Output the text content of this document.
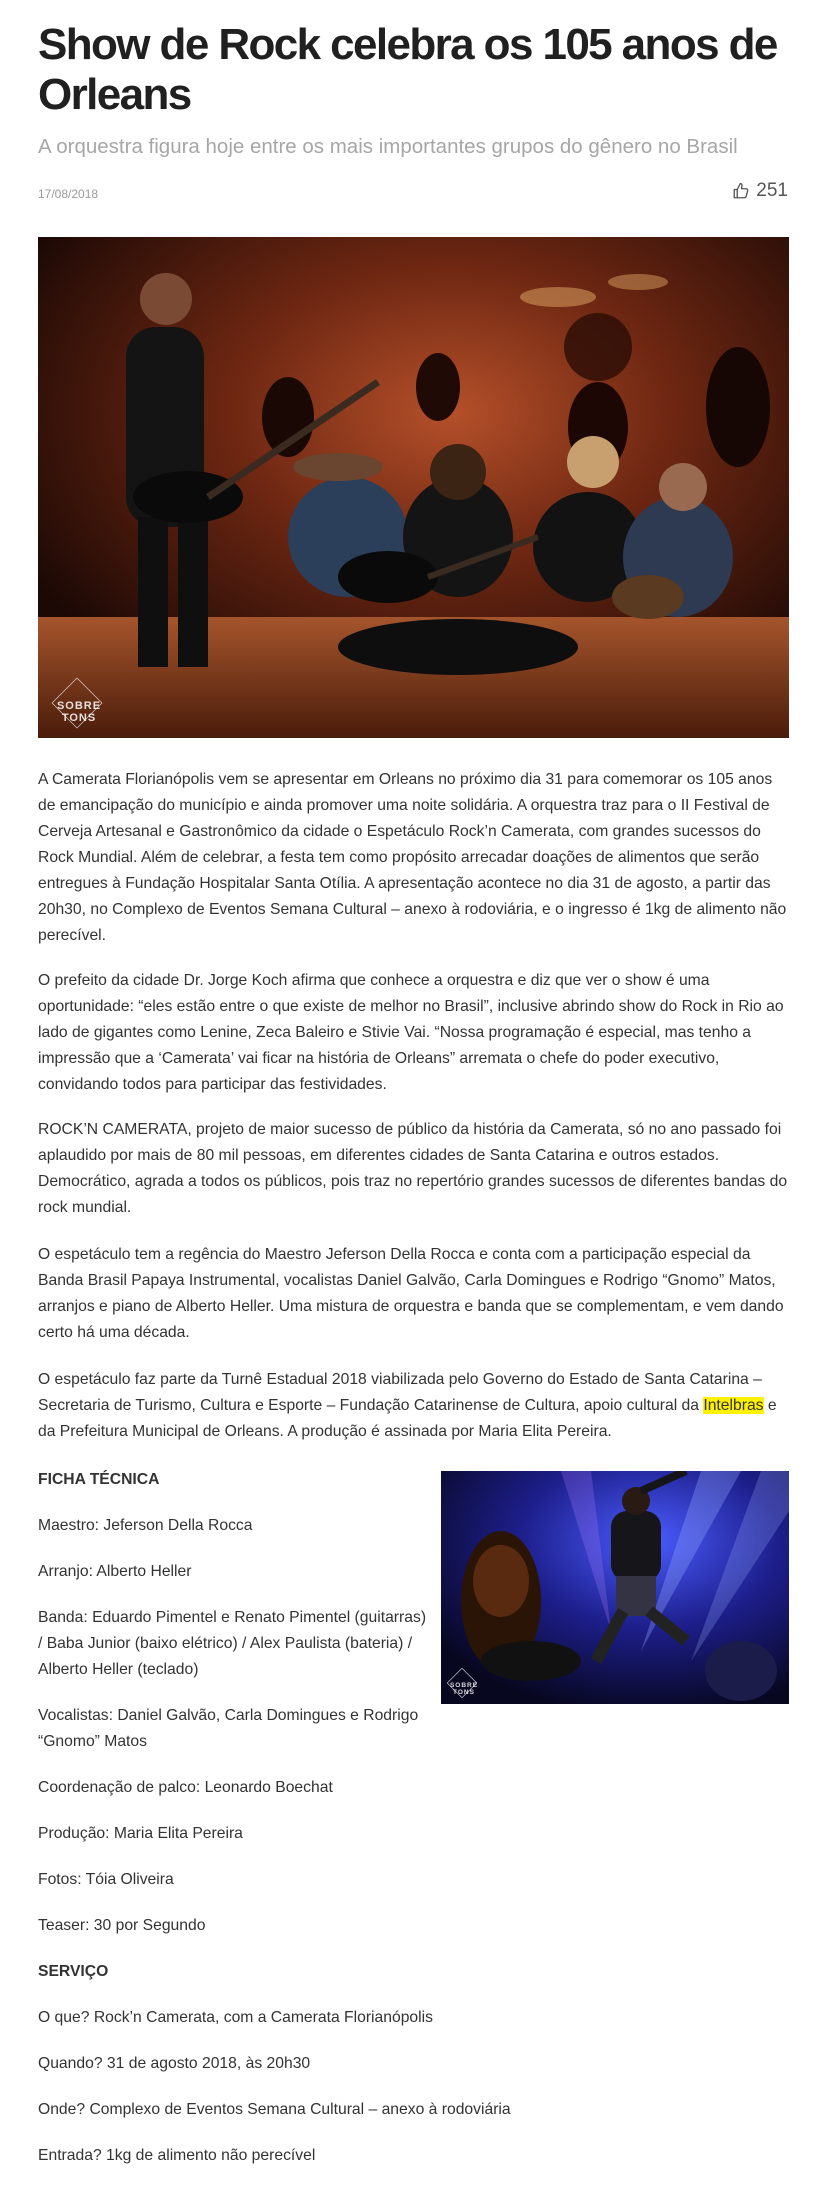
Show de Rock celebra os 105 anos de Orleans
A orquestra figura hoje entre os mais importantes grupos do gênero no Brasil
17/08/2018	251
SOBRE TONS

A Camerata Florianópolis vem se apresentar em Orleans no próximo dia 31 para comemorar os 105 anos de emancipação do município e ainda promover uma noite solidária. A orquestra traz para o II Festival de Cerveja Artesanal e Gastronômico da cidade o Espetáculo Rock’n Camerata, com grandes sucessos do Rock Mundial. Além de celebrar, a festa tem como propósito arrecadar doações de alimentos que serão entregues à Fundação Hospitalar Santa Otília. A apresentação acontece no dia 31 de agosto, a partir das 20h30, no Complexo de Eventos Semana Cultural – anexo à rodoviária, e o ingresso é 1kg de alimento não perecível.

O prefeito da cidade Dr. Jorge Koch afirma que conhece a orquestra e diz que ver o show é uma oportunidade: “eles estão entre o que existe de melhor no Brasil”, inclusive abrindo show do Rock in Rio ao lado de gigantes como Lenine, Zeca Baleiro e Stivie Vai. “Nossa programação é especial, mas tenho a impressão que a ‘Camerata’ vai ficar na história de Orleans” arremata o chefe do poder executivo, convidando todos para participar das festividades.

ROCK’N CAMERATA, projeto de maior sucesso de público da história da Camerata, só no ano passado foi aplaudido por mais de 80 mil pessoas, em diferentes cidades de Santa Catarina e outros estados. Democrático, agrada a todos os públicos, pois traz no repertório grandes sucessos de diferentes bandas do rock mundial.

O espetáculo tem a regência do Maestro Jeferson Della Rocca e conta com a participação especial da Banda Brasil Papaya Instrumental, vocalistas Daniel Galvão, Carla Domingues e Rodrigo “Gnomo” Matos, arranjos e piano de Alberto Heller. Uma mistura de orquestra e banda que se complementam, e vem dando certo há uma década.

O espetáculo faz parte da Turnê Estadual 2018 viabilizada pelo Governo do Estado de Santa Catarina – Secretaria de Turismo, Cultura e Esporte – Fundação Catarinense de Cultura, apoio cultural da Intelbras e da Prefeitura Municipal de Orleans. A produção é assinada por Maria Elita Pereira.

SOBRE TONS
FICHA TÉCNICA
Maestro: Jeferson Della Rocca
Arranjo: Alberto Heller
Banda: Eduardo Pimentel e Renato Pimentel (guitarras) / Baba Junior (baixo elétrico) / Alex Paulista (bateria) / Alberto Heller (teclado)
Vocalistas: Daniel Galvão, Carla Domingues e Rodrigo “Gnomo” Matos
Coordenação de palco: Leonardo Boechat
Produção: Maria Elita Pereira
Fotos: Tóia Oliveira
Teaser: 30 por Segundo
SERVIÇO
O que? Rock’n Camerata, com a Camerata Florianópolis
Quando? 31 de agosto 2018, às 20h30
Onde? Complexo de Eventos Semana Cultural – anexo à rodoviária
Entrada? 1kg de alimento não perecível
